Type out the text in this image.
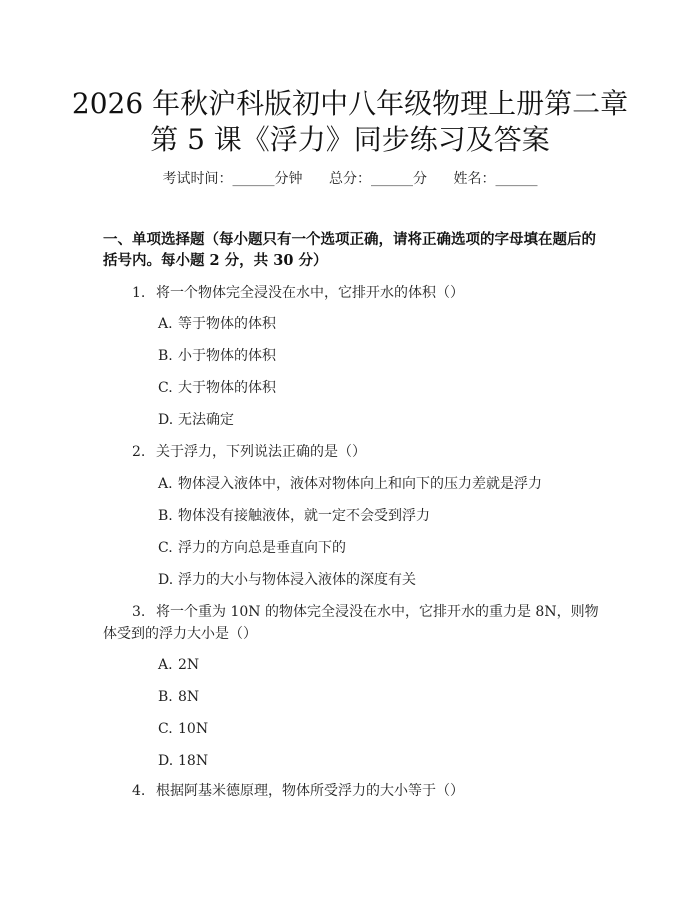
2026 年秋沪科版初中八年级物理上册第二章
第 5 课《浮力》同步练习及答案
考试时间：______分钟 总分：______分 姓名：______
一、单项选择题（每小题只有一个选项正确，请将正确选项的字母填在题后的括号内。每小题 2 分，共 30 分）
1. 将一个物体完全浸没在水中，它排开水的体积（）
A. 等于物体的体积
B. 小于物体的体积
C. 大于物体的体积
D. 无法确定
2. 关于浮力，下列说法正确的是（）
A. 物体浸入液体中，液体对物体向上和向下的压力差就是浮力
B. 物体没有接触液体，就一定不会受到浮力
C. 浮力的方向总是垂直向下的
D. 浮力的大小与物体浸入液体的深度有关
3. 将一个重为 10N 的物体完全浸没在水中，它排开水的重力是 8N，则物体受到的浮力大小是（）
A. 2N
B. 8N
C. 10N
D. 18N
4. 根据阿基米德原理，物体所受浮力的大小等于（）
